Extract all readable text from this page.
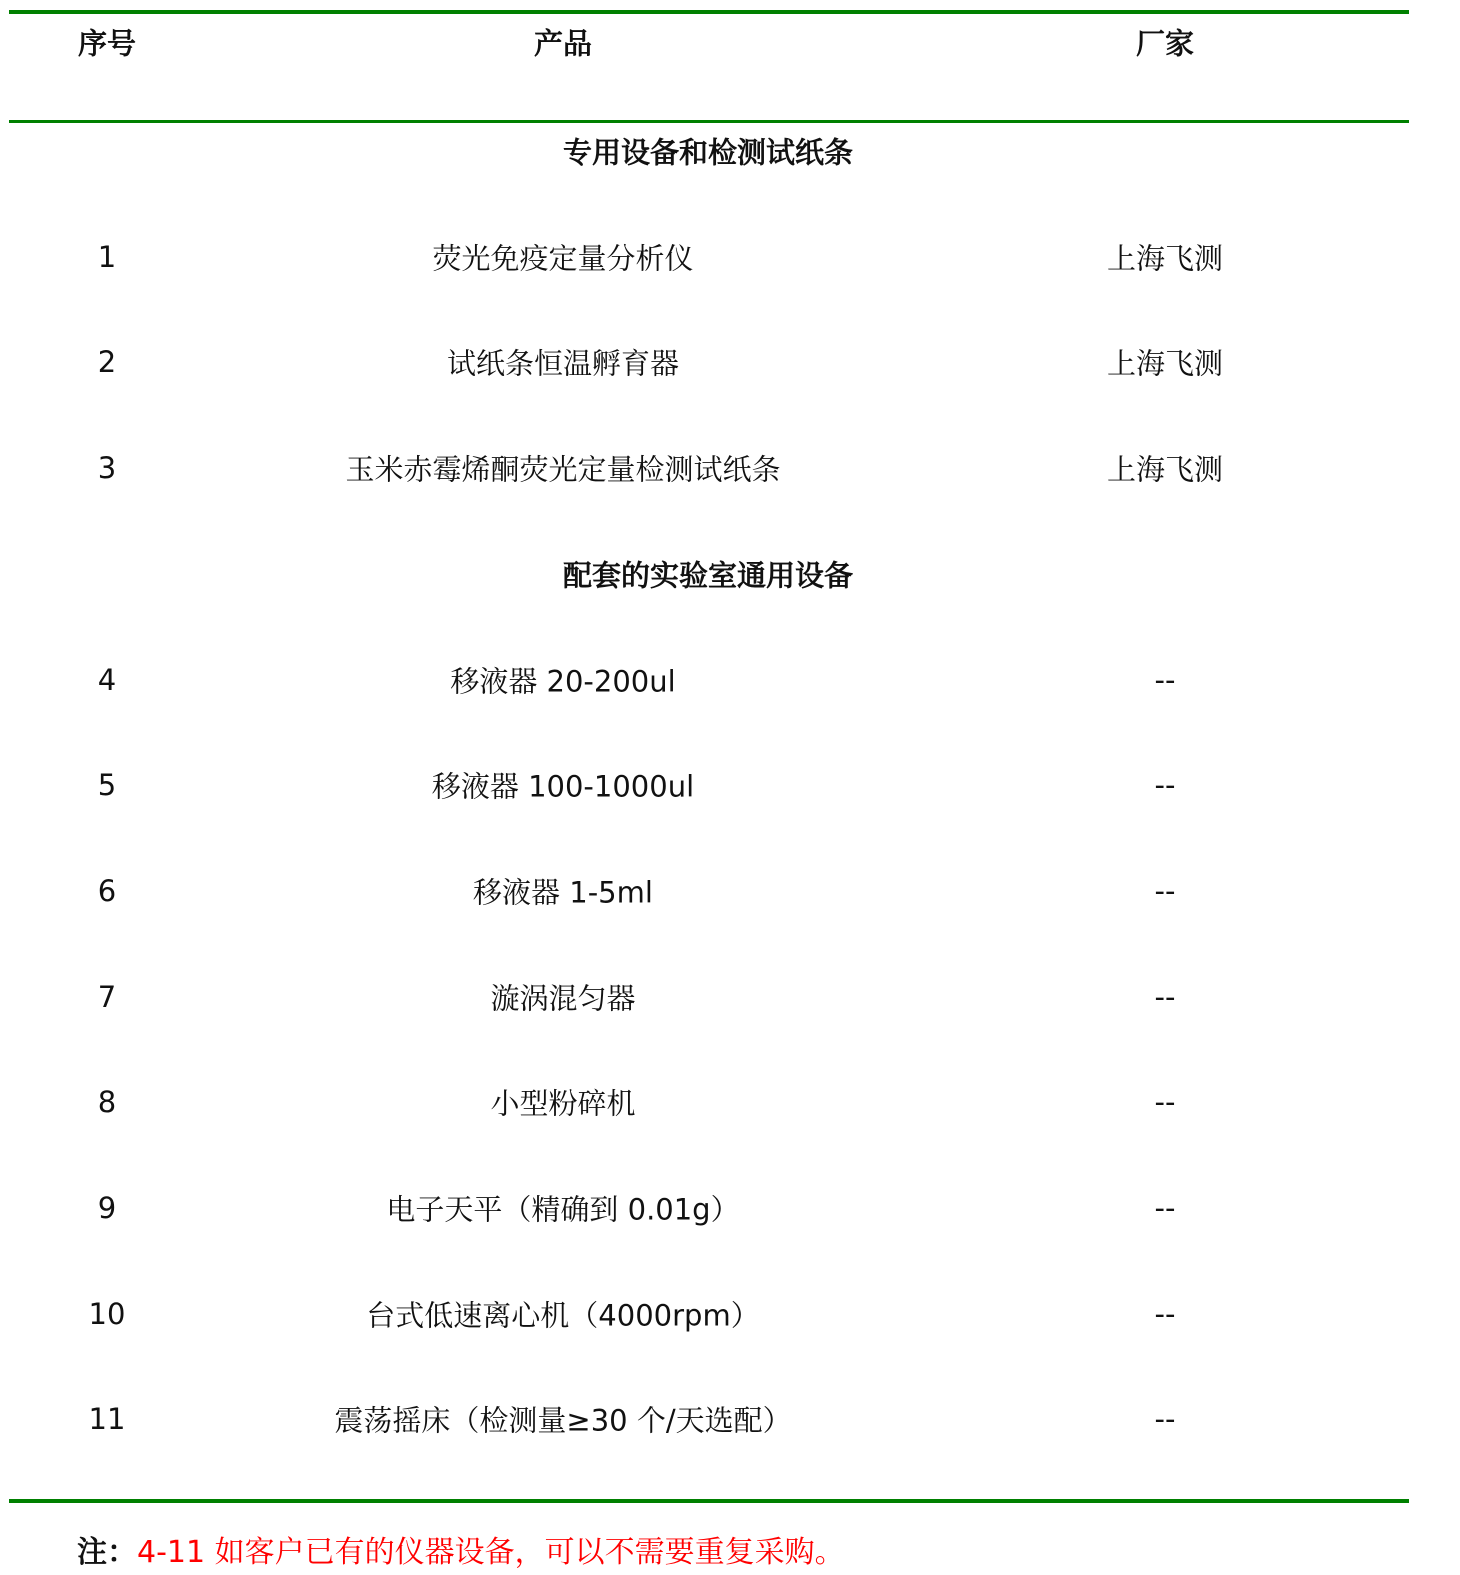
序号	产品	厂家
专用设备和检测试纸条
1	荧光免疫定量分析仪	上海飞测
2	试纸条恒温孵育器	上海飞测
3	玉米赤霉烯酮荧光定量检测试纸条	上海飞测
配套的实验室通用设备
4	移液器 20-200ul	--
5	移液器 100-1000ul	--
6	移液器 1-5ml	--
7	漩涡混匀器	--
8	小型粉碎机	--
9	电子天平（精确到 0.01g）	--
10	台式低速离心机（4000rpm）	--
11	震荡摇床（检测量≥30 个/天选配）	--
注：4-11 如客户已有的仪器设备，可以不需要重复采购。
